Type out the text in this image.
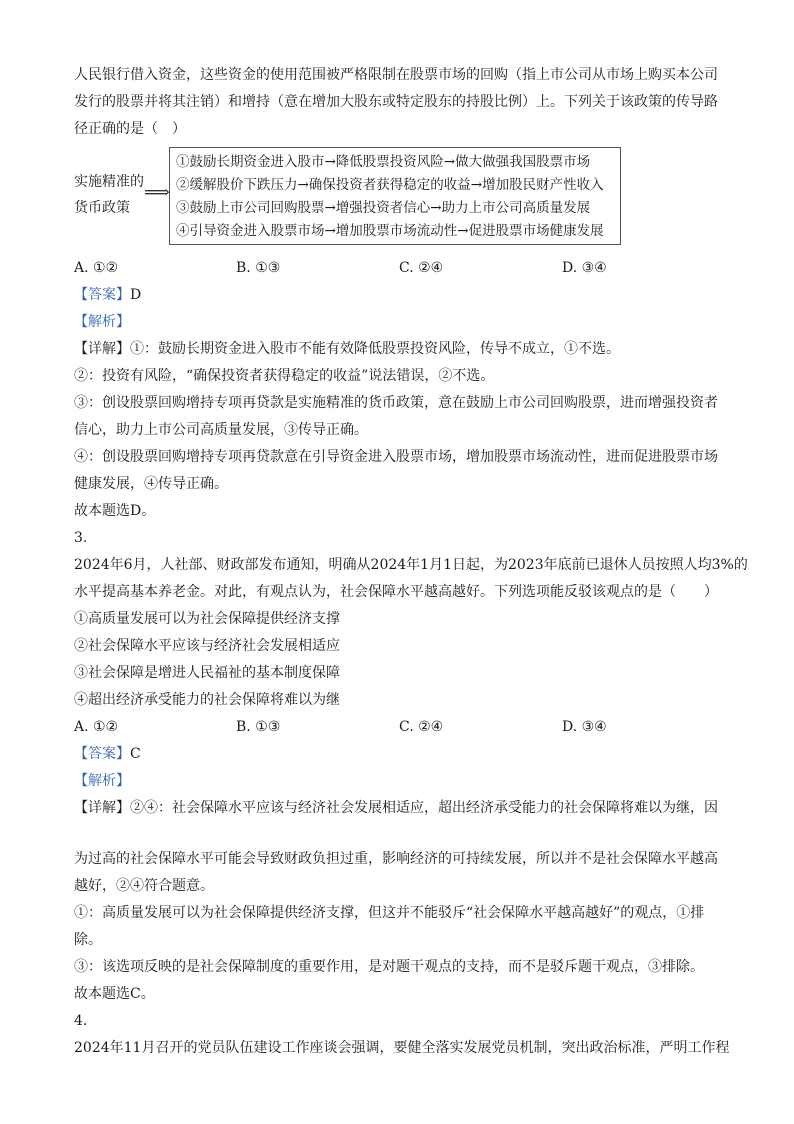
人民银行借入资金，这些资金的使用范围被严格限制在股票市场的回购（指上市公司从市场上购买本公司
发行的股票并将其注销）和增持（意在增加大股东或特定股东的持股比例）上。下列关于该政策的传导路
径正确的是（　）
实施精准的
货币政策
⟹
①鼓励长期资金进入股市→降低股票投资风险→做大做强我国股票市场
②缓解股价下跌压力→确保投资者获得稳定的收益→增加股民财产性收入
③鼓励上市公司回购股票→增强投资者信心→助力上市公司高质量发展
④引导资金进入股票市场→增加股票市场流动性→促进股票市场健康发展
A. ①②	B. ①③	C. ②④	D. ③④
【答案】D
【解析】
【详解】①：鼓励长期资金进入股市不能有效降低股票投资风险，传导不成立，①不选。
②：投资有风险，“确保投资者获得稳定的收益”说法错误，②不选。
③：创设股票回购增持专项再贷款是实施精准的货币政策，意在鼓励上市公司回购股票，进而增强投资者
信心，助力上市公司高质量发展，③传导正确。
④：创设股票回购增持专项再贷款意在引导资金进入股票市场，增加股票市场流动性，进而促进股票市场
健康发展，④传导正确。
故本题选D。
3.
2024年6月，人社部、财政部发布通知，明确从2024年1月1日起，为2023年底前已退休人员按照人均3%的
水平提高基本养老金。对此，有观点认为，社会保障水平越高越好。下列选项能反驳该观点的是（　　）
①高质量发展可以为社会保障提供经济支撑
②社会保障水平应该与经济社会发展相适应
③社会保障是增进人民福祉的基本制度保障
④超出经济承受能力的社会保障将难以为继
A. ①②	B. ①③	C. ②④	D. ③④
【答案】C
【解析】
【详解】②④：社会保障水平应该与经济社会发展相适应，超出经济承受能力的社会保障将难以为继，因
为过高的社会保障水平可能会导致财政负担过重，影响经济的可持续发展，所以并不是社会保障水平越高
越好，②④符合题意。
①：高质量发展可以为社会保障提供经济支撑，但这并不能驳斥“社会保障水平越高越好”的观点，①排
除。
③：该选项反映的是社会保障制度的重要作用，是对题干观点的支持，而不是驳斥题干观点，③排除。
故本题选C。
4.
2024年11月召开的党员队伍建设工作座谈会强调，要健全落实发展党员机制，突出政治标准，严明工作程
